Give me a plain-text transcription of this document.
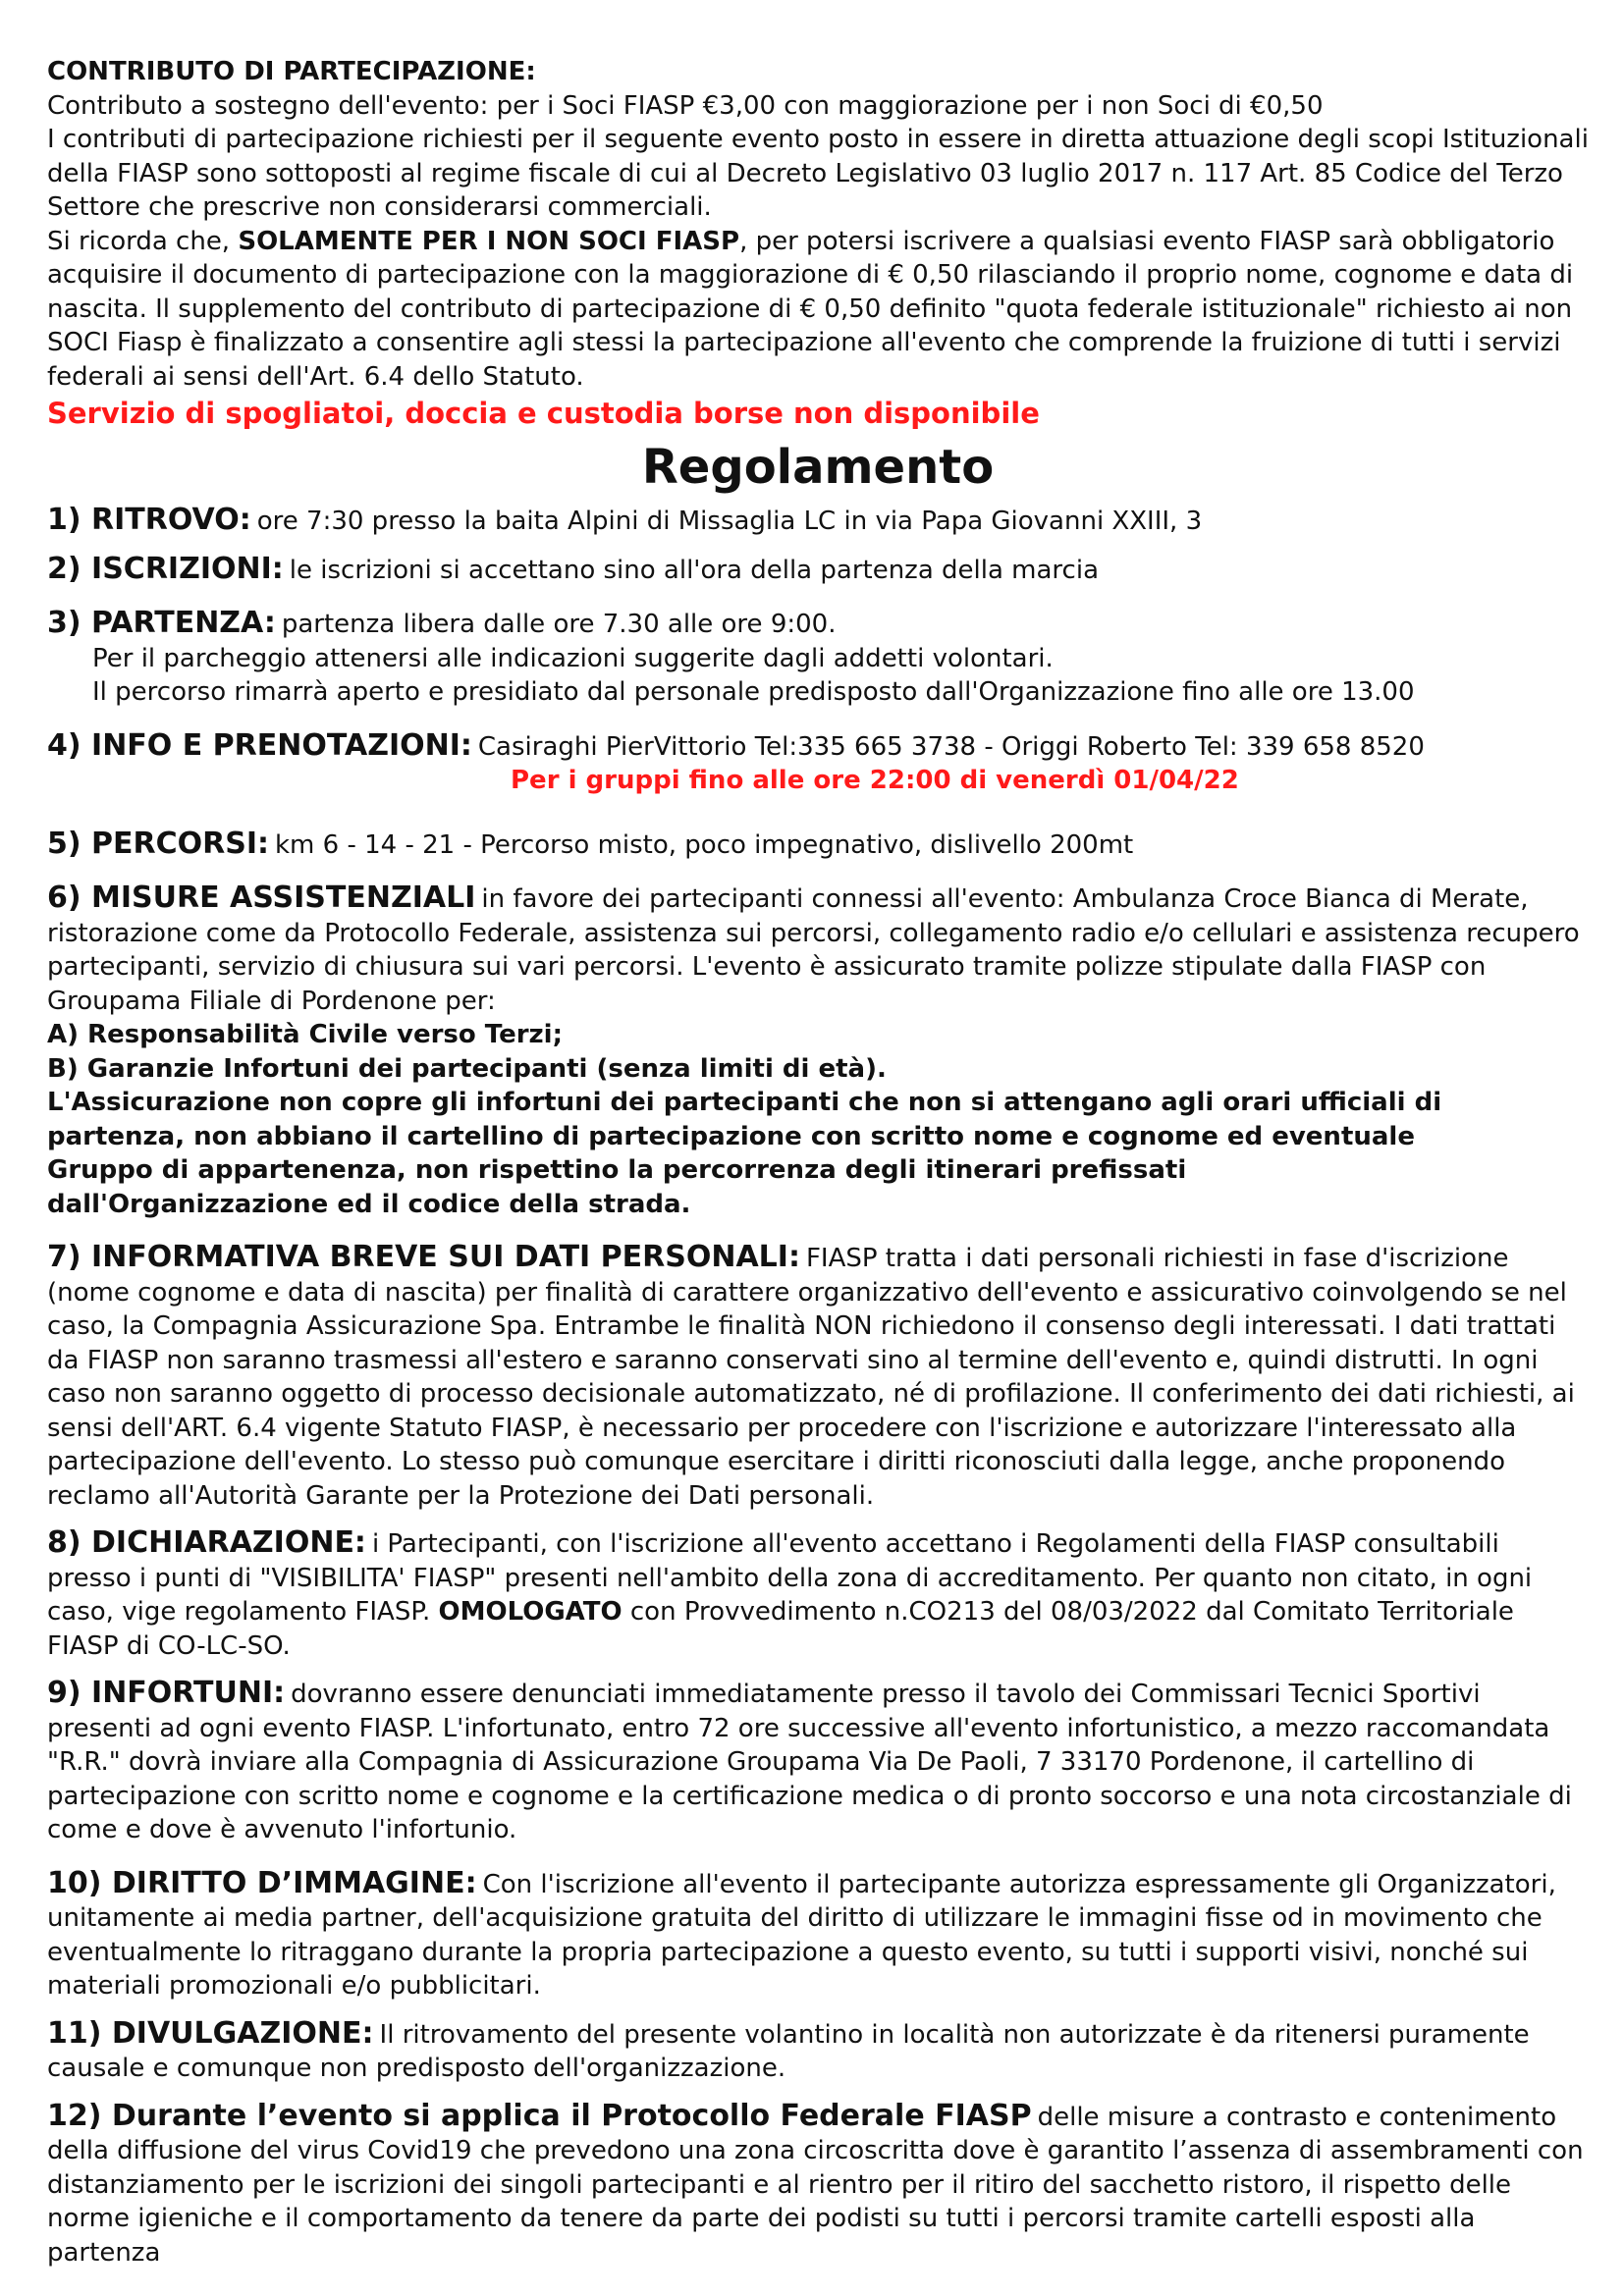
CONTRIBUTO DI PARTECIPAZIONE:

Contributo a sostegno dell'evento: per i Soci FIASP €3,00 con maggiorazione per i non Soci di €0,50

I contributi di partecipazione richiesti per il seguente evento posto in essere in diretta attuazione degli scopi Istituzionali della FIASP sono sottoposti al regime fiscale di cui al Decreto Legislativo 03 luglio 2017 n. 117 Art. 85 Codice del Terzo Settore che prescrive non considerarsi commerciali.

Si ricorda che, SOLAMENTE PER I NON SOCI FIASP, per potersi iscrivere a qualsiasi evento FIASP sarà obbligatorio acquisire il documento di partecipazione con la maggiorazione di € 0,50 rilasciando il proprio nome, cognome e data di nascita. Il supplemento del contributo di partecipazione di € 0,50 definito "quota federale istituzionale" richiesto ai non SOCI Fiasp è finalizzato a consentire agli stessi la partecipazione all'evento che comprende la fruizione di tutti i servizi federali ai sensi dell'Art. 6.4 dello Statuto.

Servizio di spogliatoi, doccia e custodia borse non disponibile

Regolamento

1) RITROVO: ore 7:30 presso la baita Alpini di Missaglia LC in via Papa Giovanni XXIII, 3

2) ISCRIZIONI: le iscrizioni si accettano sino all'ora della partenza della marcia

3) PARTENZA: partenza libera dalle ore 7.30 alle ore 9:00.

Per il parcheggio attenersi alle indicazioni suggerite dagli addetti volontari.

Il percorso rimarrà aperto e presidiato dal personale predisposto dall'Organizzazione fino alle ore 13.00

4) INFO E PRENOTAZIONI: Casiraghi PierVittorio Tel:335 665 3738 - Origgi Roberto Tel: 339 658 8520

Per i gruppi fino alle ore 22:00 di venerdì 01/04/22

5) PERCORSI: km 6 - 14 - 21 - Percorso misto, poco impegnativo, dislivello 200mt

6) MISURE ASSISTENZIALI in favore dei partecipanti connessi all'evento: Ambulanza Croce Bianca di Merate, ristorazione come da Protocollo Federale, assistenza sui percorsi, collegamento radio e/o cellulari e assistenza recupero partecipanti, servizio di chiusura sui vari percorsi. L'evento è assicurato tramite polizze stipulate dalla FIASP con Groupama Filiale di Pordenone per:

A) Responsabilità Civile verso Terzi;

B) Garanzie Infortuni dei partecipanti (senza limiti di età).

L'Assicurazione non copre gli infortuni dei partecipanti che non si attengano agli orari ufficiali di partenza, non abbiano il cartellino di partecipazione con scritto nome e cognome ed eventuale Gruppo di appartenenza, non rispettino la percorrenza degli itinerari prefissati dall'Organizzazione ed il codice della strada.

7) INFORMATIVA BREVE SUI DATI PERSONALI: FIASP tratta i dati personali richiesti in fase d'iscrizione (nome cognome e data di nascita) per finalità di carattere organizzativo dell'evento e assicurativo coinvolgendo se nel caso, la Compagnia Assicurazione Spa. Entrambe le finalità NON richiedono il consenso degli interessati. I dati trattati da FIASP non saranno trasmessi all'estero e saranno conservati sino al termine dell'evento e, quindi distrutti. In ogni caso non saranno oggetto di processo decisionale automatizzato, né di profilazione. Il conferimento dei dati richiesti, ai sensi dell'ART. 6.4 vigente Statuto FIASP, è necessario per procedere con l'iscrizione e autorizzare l'interessato alla partecipazione dell'evento. Lo stesso può comunque esercitare i diritti riconosciuti dalla legge, anche proponendo reclamo all'Autorità Garante per la Protezione dei Dati personali.

8) DICHIARAZIONE: i Partecipanti, con l'iscrizione all'evento accettano i Regolamenti della FIASP consultabili presso i punti di "VISIBILITA' FIASP" presenti nell'ambito della zona di accreditamento. Per quanto non citato, in ogni caso, vige regolamento FIASP. OMOLOGATO con Provvedimento n.CO213 del 08/03/2022 dal Comitato Territoriale FIASP di CO-LC-SO.

9) INFORTUNI: dovranno essere denunciati immediatamente presso il tavolo dei Commissari Tecnici Sportivi presenti ad ogni evento FIASP. L'infortunato, entro 72 ore successive all'evento infortunistico, a mezzo raccomandata "R.R." dovrà inviare alla Compagnia di Assicurazione Groupama Via De Paoli, 7 33170 Pordenone, il cartellino di partecipazione con scritto nome e cognome e la certificazione medica o di pronto soccorso e una nota circostanziale di come e dove è avvenuto l'infortunio.

10) DIRITTO D’IMMAGINE: Con l'iscrizione all'evento il partecipante autorizza espressamente gli Organizzatori, unitamente ai media partner, dell'acquisizione gratuita del diritto di utilizzare le immagini fisse od in movimento che eventualmente lo ritraggano durante la propria partecipazione a questo evento, su tutti i supporti visivi, nonché sui materiali promozionali e/o pubblicitari.

11) DIVULGAZIONE: Il ritrovamento del presente volantino in località non autorizzate è da ritenersi puramente causale e comunque non predisposto dell'organizzazione.

12) Durante l’evento si applica il Protocollo Federale FIASP delle misure a contrasto e contenimento della diffusione del virus Covid19 che prevedono una zona circoscritta dove è garantito l’assenza di assembramenti con distanziamento per le iscrizioni dei singoli partecipanti e al rientro per il ritiro del sacchetto ristoro, il rispetto delle norme igieniche e il comportamento da tenere da parte dei podisti su tutti i percorsi tramite cartelli esposti alla partenza
